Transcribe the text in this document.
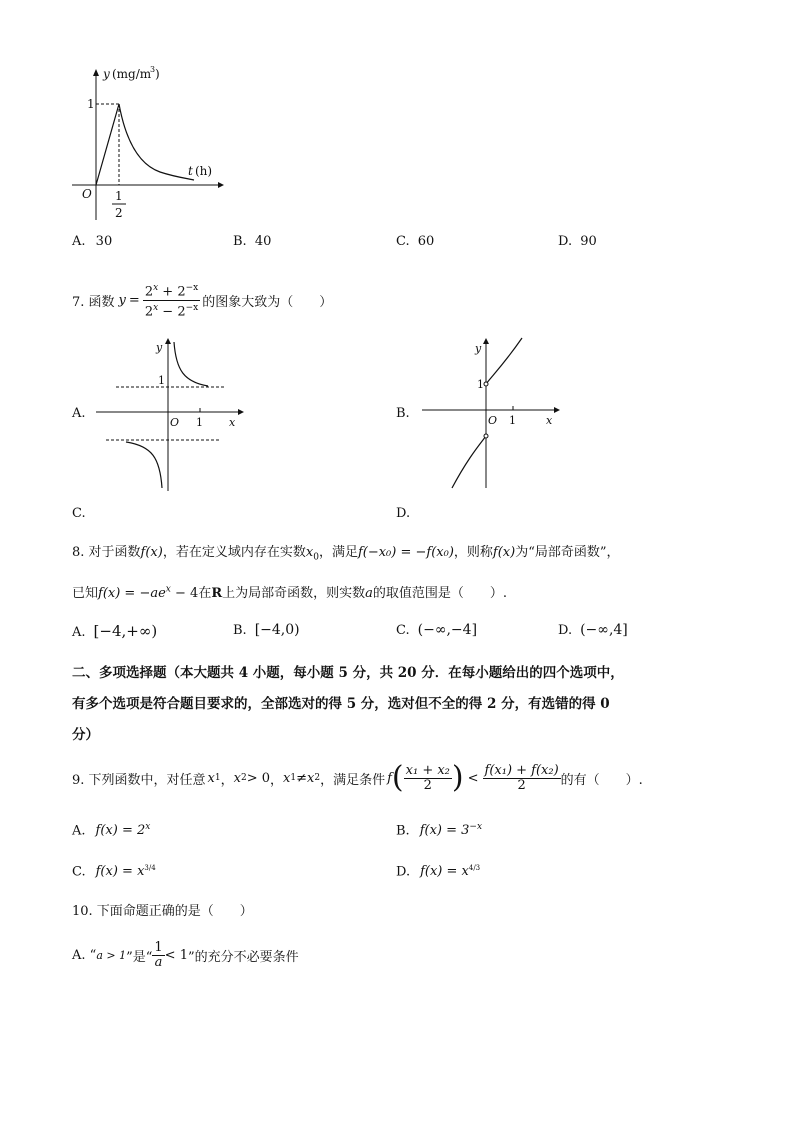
y (mg/m
3 )
1
t (h)
O 1
2
A. 30	B. 40	C. 60	D. 90
7. 函数 $y = \frac{2^x + 2^{-x}}{2^x - 2^{-x}}$ 的图象大致为（　　）
A.
y
1
O 1 x
B.
y
1
O 1	x
C.	D.
8. 对于函数f(x)，若在定义域内存在实数$x_0$，满足f(−x₀) = −f(x₀)，则称f(x)为“局部奇函数”，
已知$f(x) = -ae^x - 4$在R上为局部奇函数，则实数a的取值范围是（　　）.
A. [−4,+∞)	B. [−4,0)	C. (−∞,−4]	D. (−∞,4]
二、多项选择题（本大题共 4 小题，每小题 5 分，共 20 分．在每小题给出的四个选项中，
有多个选项是符合题目要求的，全部选对的得 5 分，选对但不全的得 2 分，有选错的得 0
分）
9. 下列函数中，对任意 x 1 ， x 2 > 0 ， x 1 ≠ x 2 ，满足条件 f ( $\frac{\text{x₁ + x₂}}{2}$ ) < $\frac{\text{f(x₁) + f(x₂)}}{2}$ 的有（　　）.
A. $f(x) = 2^x$	B. $f(x) = 3^{-x}$
C. $f(x) = x^{3/4}$	D. $f(x) = x^{4/3}$
10. 下面命题正确的是（　　）
A. “ a > 1 ”是“ $\frac{1}{a} < 1$ ”的充分不必要条件
